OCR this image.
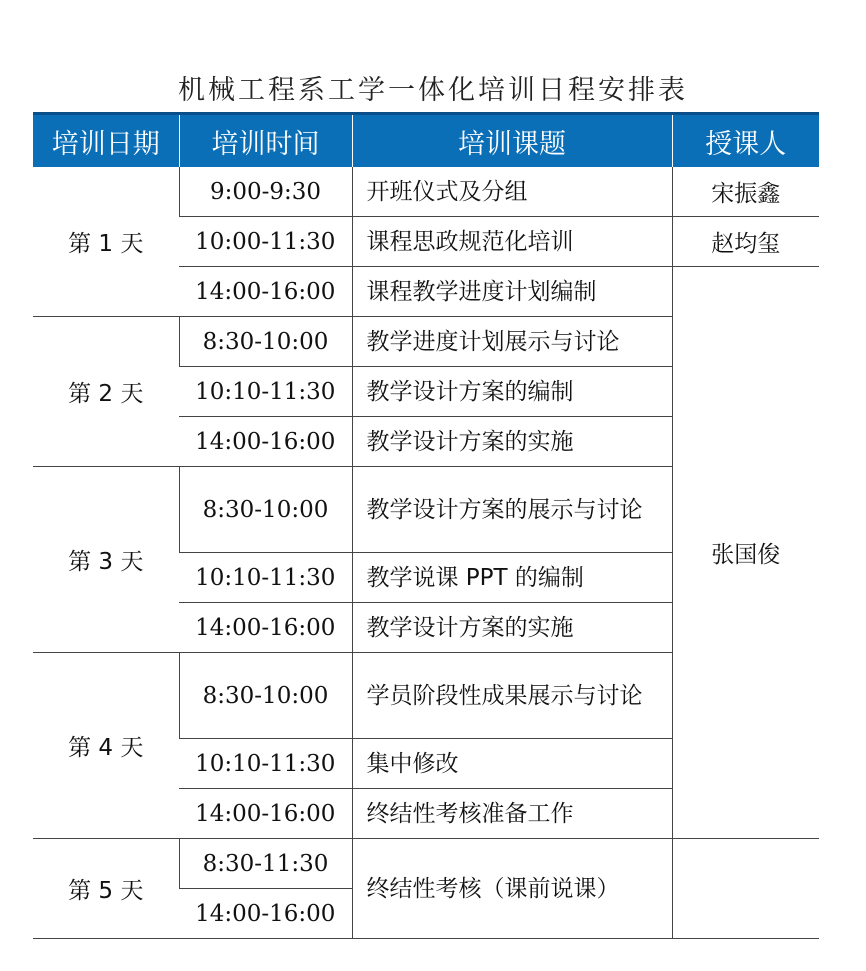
机械工程系工学一体化培训日程安排表
培训日期	培训时间	培训课题	授课人
第 1 天	9:00-9:30	开班仪式及分组	宋振鑫
	10:00-11:30	课程思政规范化培训	赵均玺
	14:00-16:00	课程教学进度计划编制	张国俊
第 2 天	8:30-10:00	教学进度计划展示与讨论	
	10:10-11:30	教学设计方案的编制	
	14:00-16:00	教学设计方案的实施	
第 3 天	8:30-10:00	教学设计方案的展示与讨论	
	10:10-11:30	教学说课 PPT 的编制	
	14:00-16:00	教学设计方案的实施	
第 4 天	8:30-10:00	学员阶段性成果展示与讨论	
	10:10-11:30	集中修改	
	14:00-16:00	终结性考核准备工作	
第 5 天	8:30-11:30	终结性考核（课前说课）	
	14:00-16:00		
